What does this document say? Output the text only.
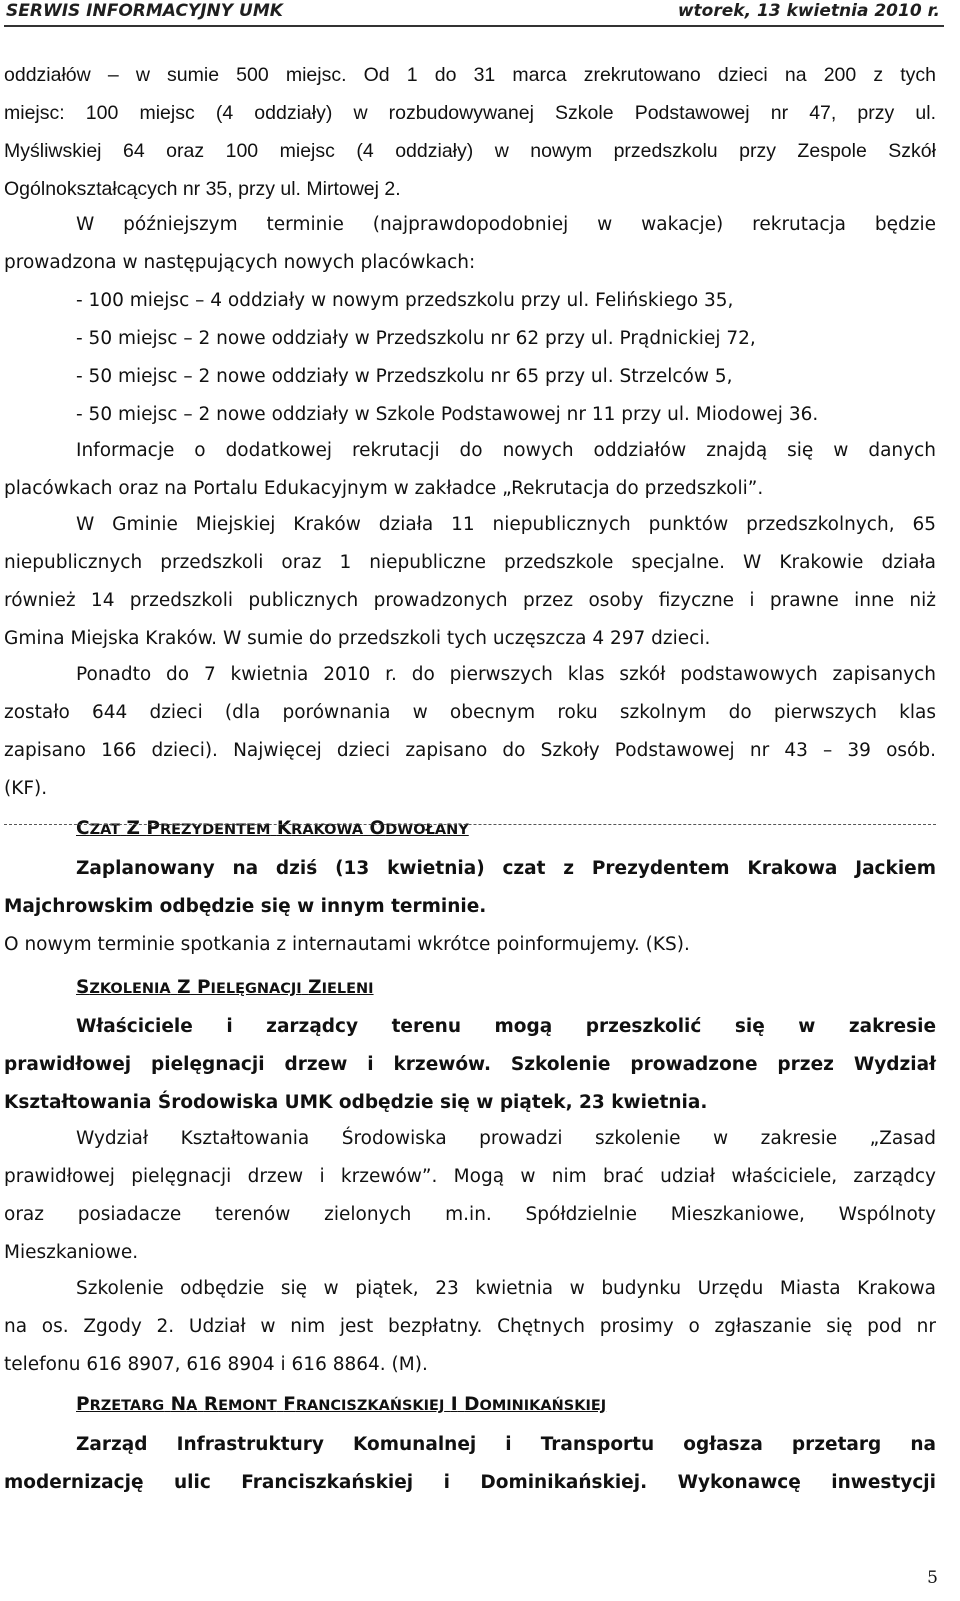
SERWIS INFORMACYJNY UMK	wtorek, 13 kwietnia 2010 r.
oddziałów – w sumie 500 miejsc. Od 1 do 31 marca zrekrutowano dzieci na 200 z tych
miejsc: 100 miejsc (4 oddziały) w rozbudowywanej Szkole Podstawowej nr 47, przy ul.
Myśliwskiej 64 oraz 100 miejsc (4 oddziały) w nowym przedszkolu przy Zespole Szkół
Ogólnokształcących nr 35, przy ul. Mirtowej 2.
W późniejszym terminie (najprawdopodobniej w wakacje) rekrutacja będzie
prowadzona w następujących nowych placówkach:
- 100 miejsc – 4 oddziały w nowym przedszkolu przy ul. Felińskiego 35,
- 50 miejsc – 2 nowe oddziały w Przedszkolu nr 62 przy ul. Prądnickiej 72,
- 50 miejsc – 2 nowe oddziały w Przedszkolu nr 65 przy ul. Strzelców 5,
- 50 miejsc – 2 nowe oddziały w Szkole Podstawowej nr 11 przy ul. Miodowej 36.
Informacje o dodatkowej rekrutacji do nowych oddziałów znajdą się w danych
placówkach oraz na Portalu Edukacyjnym w zakładce „Rekrutacja do przedszkoli”.
W Gminie Miejskiej Kraków działa 11 niepublicznych punktów przedszkolnych, 65
niepublicznych przedszkoli oraz 1 niepubliczne przedszkole specjalne. W Krakowie działa
również 14 przedszkoli publicznych prowadzonych przez osoby fizyczne i prawne inne niż
Gmina Miejska Kraków. W sumie do przedszkoli tych uczęszcza 4 297 dzieci.
Ponadto do 7 kwietnia 2010 r. do pierwszych klas szkół podstawowych zapisanych
zostało 644 dzieci (dla porównania w obecnym roku szkolnym do pierwszych klas
zapisano 166 dzieci). Najwięcej dzieci zapisano do Szkoły Podstawowej nr 43 – 39 osób.
(KF).
CZAT Z PREZYDENTEM KRAKOWA ODWOŁANY
Zaplanowany na dziś (13 kwietnia) czat z Prezydentem Krakowa Jackiem
Majchrowskim odbędzie się w innym terminie.
O nowym terminie spotkania z internautami wkrótce poinformujemy. (KS).
SZKOLENIA Z PIELĘGNACJI ZIELENI
Właściciele i zarządcy terenu mogą przeszkolić się w zakresie
prawidłowej pielęgnacji drzew i krzewów. Szkolenie prowadzone przez Wydział
Kształtowania Środowiska UMK odbędzie się w piątek, 23 kwietnia.
Wydział Kształtowania Środowiska prowadzi szkolenie w zakresie „Zasad
prawidłowej pielęgnacji drzew i krzewów”. Mogą w nim brać udział właściciele, zarządcy
oraz posiadacze terenów zielonych m.in. Spółdzielnie Mieszkaniowe, Wspólnoty
Mieszkaniowe.
Szkolenie odbędzie się w piątek, 23 kwietnia w budynku Urzędu Miasta Krakowa
na os. Zgody 2. Udział w nim jest bezpłatny. Chętnych prosimy o zgłaszanie się pod nr
telefonu 616 8907, 616 8904 i 616 8864. (M).
PRZETARG NA REMONT FRANCISZKAŃSKIEJ I DOMINIKAŃSKIEJ
Zarząd Infrastruktury Komunalnej i Transportu ogłasza przetarg na
modernizację ulic Franciszkańskiej i Dominikańskiej. Wykonawcę inwestycji
5
